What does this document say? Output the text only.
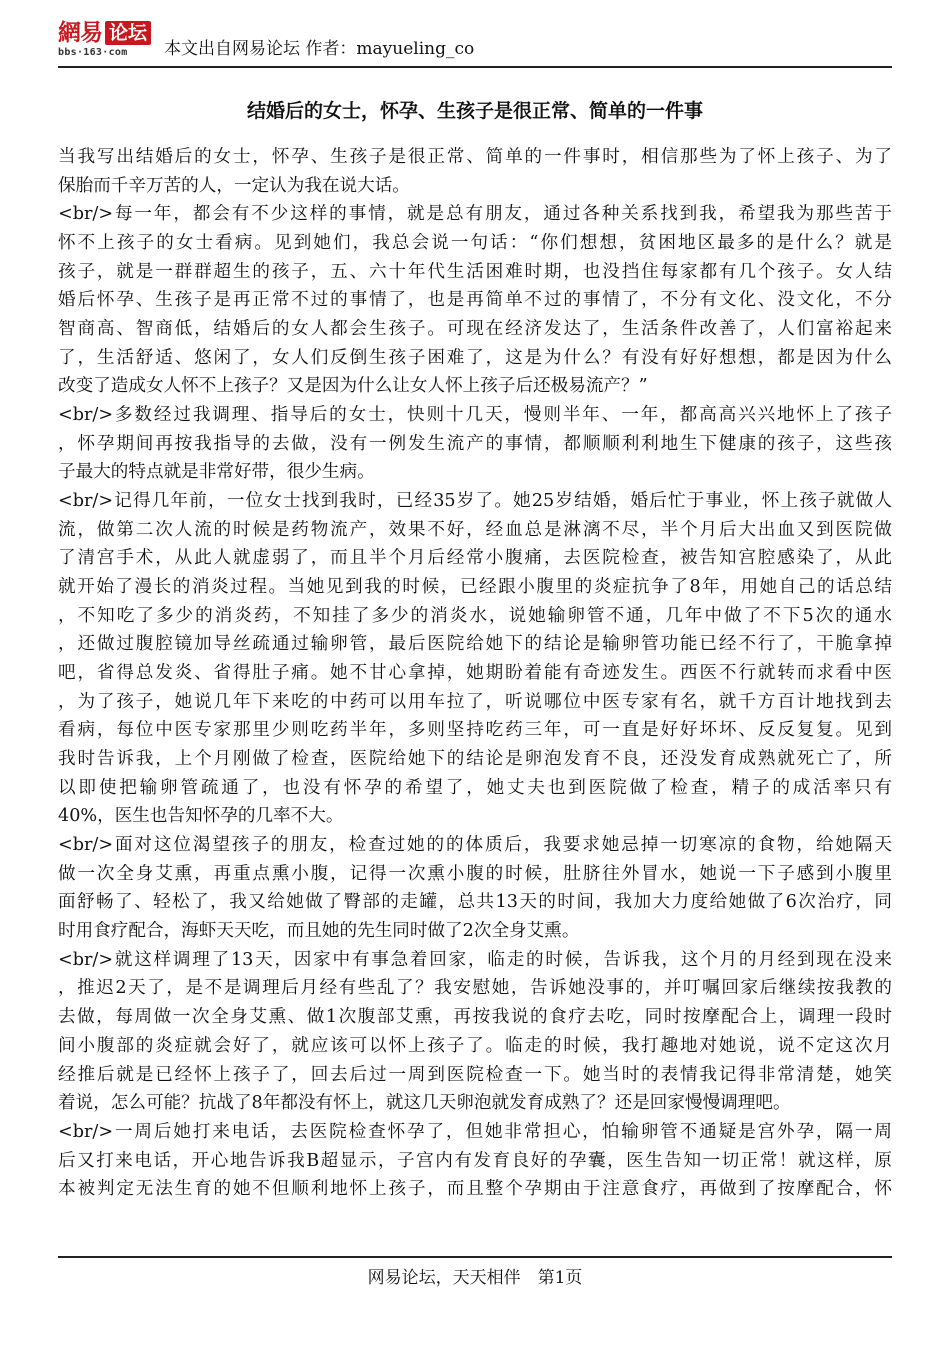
網易 论坛
bbs·163·com	本文出自网易论坛 作者：mayueling_co
结婚后的女士，怀孕、生孩子是很正常、简单的一件事
当我写出结婚后的女士，怀孕、生孩子是很正常、简单的一件事时，相信那些为了怀上孩子、为了
保胎而千辛万苦的人，一定认为我在说大话。
<br/>每一年，都会有不少这样的事情，就是总有朋友，通过各种关系找到我，希望我为那些苦于
怀不上孩子的女士看病。见到她们，我总会说一句话：“你们想想，贫困地区最多的是什么？就是
孩子，就是一群群超生的孩子，五、六十年代生活困难时期，也没挡住每家都有几个孩子。女人结
婚后怀孕、生孩子是再正常不过的事情了，也是再简单不过的事情了，不分有文化、没文化，不分
智商高、智商低，结婚后的女人都会生孩子。可现在经济发达了，生活条件改善了，人们富裕起来
了，生活舒适、悠闲了，女人们反倒生孩子困难了，这是为什么？有没有好好想想，都是因为什么
改变了造成女人怀不上孩子？又是因为什么让女人怀上孩子后还极易流产？”
<br/>多数经过我调理、指导后的女士，快则十几天，慢则半年、一年，都高高兴兴地怀上了孩子
，怀孕期间再按我指导的去做，没有一例发生流产的事情，都顺顺利利地生下健康的孩子，这些孩
子最大的特点就是非常好带，很少生病。
<br/>记得几年前，一位女士找到我时，已经35岁了。她25岁结婚，婚后忙于事业，怀上孩子就做人
流，做第二次人流的时候是药物流产，效果不好，经血总是淋漓不尽，半个月后大出血又到医院做
了清宫手术，从此人就虚弱了，而且半个月后经常小腹痛，去医院检查，被告知宫腔感染了，从此
就开始了漫长的消炎过程。当她见到我的时候，已经跟小腹里的炎症抗争了8年，用她自己的话总结
，不知吃了多少的消炎药，不知挂了多少的消炎水，说她输卵管不通，几年中做了不下5次的通水
，还做过腹腔镜加导丝疏通过输卵管，最后医院给她下的结论是输卵管功能已经不行了，干脆拿掉
吧，省得总发炎、省得肚子痛。她不甘心拿掉，她期盼着能有奇迹发生。西医不行就转而求看中医
，为了孩子，她说几年下来吃的中药可以用车拉了，听说哪位中医专家有名，就千方百计地找到去
看病，每位中医专家那里少则吃药半年，多则坚持吃药三年，可一直是好好坏坏、反反复复。见到
我时告诉我，上个月刚做了检查，医院给她下的结论是卵泡发育不良，还没发育成熟就死亡了，所
以即使把输卵管疏通了，也没有怀孕的希望了，她丈夫也到医院做了检查，精子的成活率只有
40%，医生也告知怀孕的几率不大。
<br/>面对这位渴望孩子的朋友，检查过她的的体质后，我要求她忌掉一切寒凉的食物，给她隔天
做一次全身艾熏，再重点熏小腹，记得一次熏小腹的时候，肚脐往外冒水，她说一下子感到小腹里
面舒畅了、轻松了，我又给她做了臀部的走罐，总共13天的时间，我加大力度给她做了6次治疗，同
时用食疗配合，海虾天天吃，而且她的先生同时做了2次全身艾熏。
<br/>就这样调理了13天，因家中有事急着回家，临走的时候，告诉我，这个月的月经到现在没来
，推迟2天了，是不是调理后月经有些乱了？我安慰她，告诉她没事的，并叮嘱回家后继续按我教的
去做，每周做一次全身艾熏、做1次腹部艾熏，再按我说的食疗去吃，同时按摩配合上，调理一段时
间小腹部的炎症就会好了，就应该可以怀上孩子了。临走的时候，我打趣地对她说，说不定这次月
经推后就是已经怀上孩子了，回去后过一周到医院检查一下。她当时的表情我记得非常清楚，她笑
着说，怎么可能？抗战了8年都没有怀上，就这几天卵泡就发育成熟了？还是回家慢慢调理吧。
<br/>一周后她打来电话，去医院检查怀孕了，但她非常担心，怕输卵管不通疑是宫外孕，隔一周
后又打来电话，开心地告诉我B超显示，子宫内有发育良好的孕囊，医生告知一切正常！就这样，原
本被判定无法生育的她不但顺利地怀上孩子，而且整个孕期由于注意食疗，再做到了按摩配合，怀
网易论坛，天天相伴　第1页
